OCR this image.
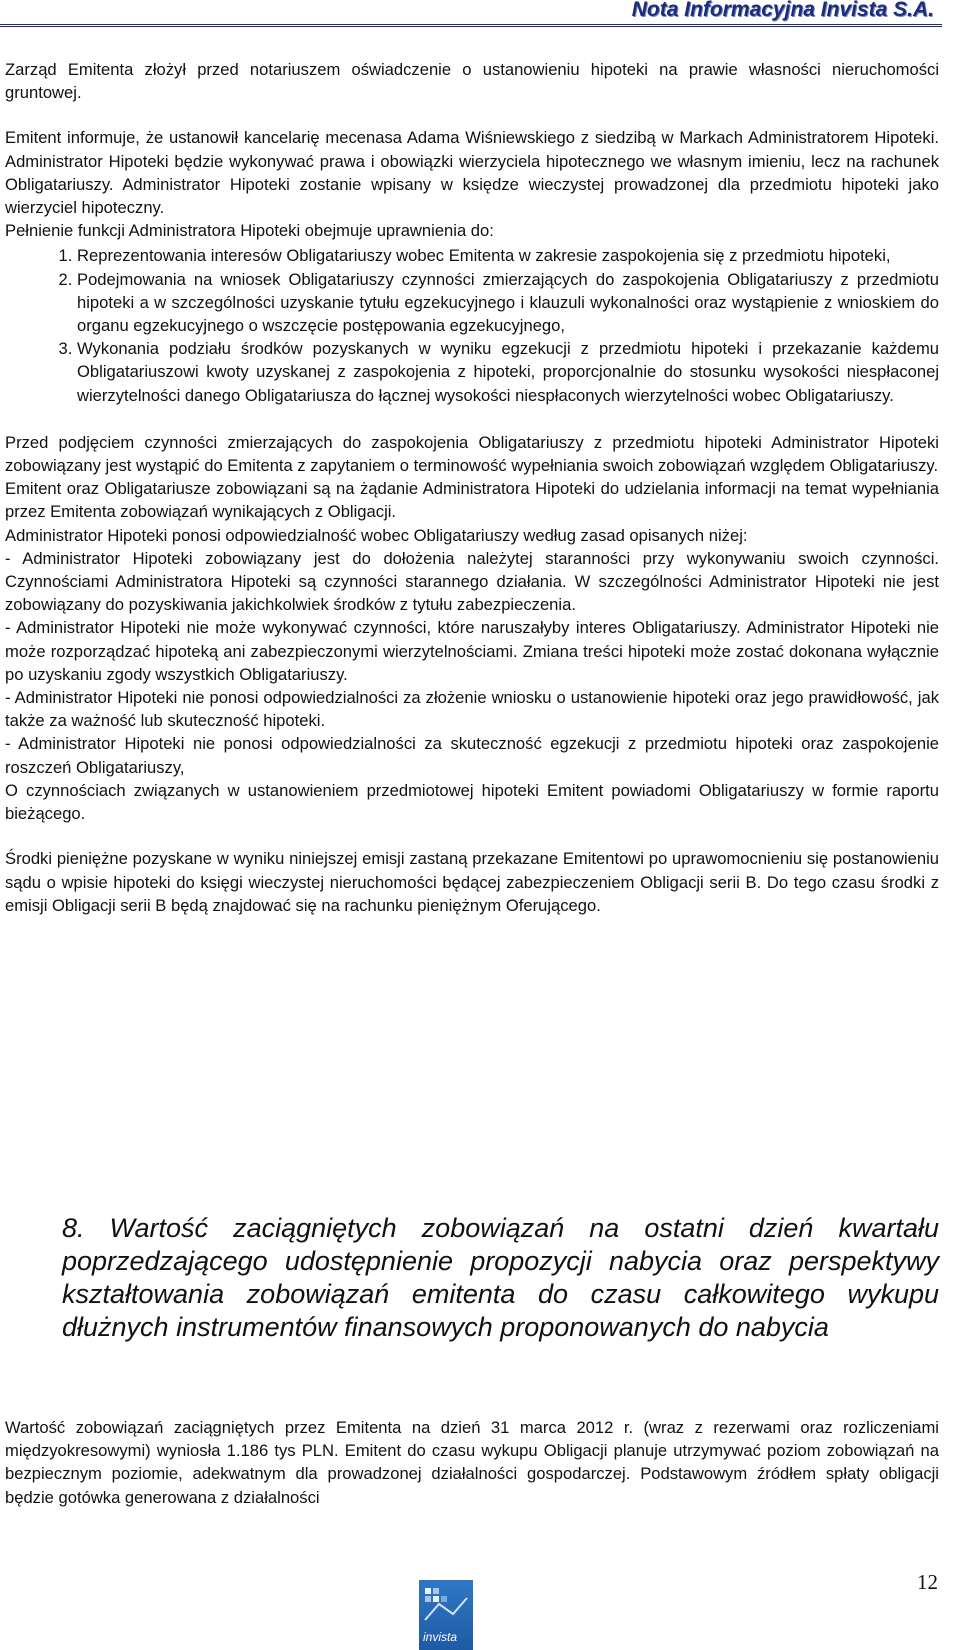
Nota Informacyjna Invista S.A.

Zarząd Emitenta złożył przed notariuszem oświadczenie o ustanowieniu hipoteki na prawie własności nieruchomości gruntowej.

Emitent informuje, że ustanowił kancelarię mecenasa Adama Wiśniewskiego z siedzibą w Markach Administratorem Hipoteki. Administrator Hipoteki będzie wykonywać prawa i obowiązki wierzyciela hipotecznego we własnym imieniu, lecz na rachunek Obligatariuszy. Administrator Hipoteki zostanie wpisany w księdze wieczystej prowadzonej dla przedmiotu hipoteki jako wierzyciel hipoteczny.

Pełnienie funkcji Administratora Hipoteki obejmuje uprawnienia do:

1. Reprezentowania interesów Obligatariuszy wobec Emitenta w zakresie zaspokojenia się z przedmiotu hipoteki,
2. Podejmowania na wniosek Obligatariuszy czynności zmierzających do zaspokojenia Obligatariuszy z przedmiotu hipoteki a w szczególności uzyskanie tytułu egzekucyjnego i klauzuli wykonalności oraz wystąpienie z wnioskiem do organu egzekucyjnego o wszczęcie postępowania egzekucyjnego,
3. Wykonania podziału środków pozyskanych w wyniku egzekucji z przedmiotu hipoteki i przekazanie każdemu Obligatariuszowi kwoty uzyskanej z zaspokojenia z hipoteki, proporcjonalnie do stosunku wysokości niespłaconej wierzytelności danego Obligatariusza do łącznej wysokości niespłaconych wierzytelności wobec Obligatariuszy.

Przed podjęciem czynności zmierzających do zaspokojenia Obligatariuszy z przedmiotu hipoteki Administrator Hipoteki zobowiązany jest wystąpić do Emitenta z zapytaniem o terminowość wypełniania swoich zobowiązań względem Obligatariuszy.

Emitent oraz Obligatariusze zobowiązani są na żądanie Administratora Hipoteki do udzielania informacji na temat wypełniania przez Emitenta zobowiązań wynikających z Obligacji.

Administrator Hipoteki ponosi odpowiedzialność wobec Obligatariuszy według zasad opisanych niżej:

- Administrator Hipoteki zobowiązany jest do dołożenia należytej staranności przy wykonywaniu swoich czynności. Czynnościami Administratora Hipoteki są czynności starannego działania. W szczególności Administrator Hipoteki nie jest zobowiązany do pozyskiwania jakichkolwiek środków z tytułu zabezpieczenia.

- Administrator Hipoteki nie może wykonywać czynności, które naruszałyby interes Obligatariuszy. Administrator Hipoteki nie może rozporządzać hipoteką ani zabezpieczonymi wierzytelnościami. Zmiana treści hipoteki może zostać dokonana wyłącznie po uzyskaniu zgody wszystkich Obligatariuszy.

- Administrator Hipoteki nie ponosi odpowiedzialności za złożenie wniosku o ustanowienie hipoteki oraz jego prawidłowość, jak także za ważność lub skuteczność hipoteki.

- Administrator Hipoteki nie ponosi odpowiedzialności za skuteczność egzekucji z przedmiotu hipoteki oraz zaspokojenie roszczeń Obligatariuszy,

O czynnościach związanych w ustanowieniem przedmiotowej hipoteki Emitent powiadomi Obligatariuszy w formie raportu bieżącego.

Środki pieniężne pozyskane w wyniku niniejszej emisji zastaną przekazane Emitentowi po uprawomocnieniu się postanowieniu sądu o wpisie hipoteki do księgi wieczystej nieruchomości będącej zabezpieczeniem Obligacji serii B. Do tego czasu środki z emisji Obligacji serii B będą znajdować się na rachunku pieniężnym Oferującego.

8. Wartość zaciągniętych zobowiązań na ostatni dzień kwartału poprzedzającego udostępnienie propozycji nabycia oraz perspektywy kształtowania zobowiązań emitenta do czasu całkowitego wykupu dłużnych instrumentów finansowych proponowanych do nabycia

Wartość zobowiązań zaciągniętych przez Emitenta na dzień 31 marca 2012 r. (wraz z rezerwami oraz rozliczeniami międzyokresowymi) wyniosła 1.186 tys PLN. Emitent do czasu wykupu Obligacji planuje utrzymywać poziom zobowiązań na bezpiecznym poziomie, adekwatnym dla prowadzonej działalności gospodarczej. Podstawowym źródłem spłaty obligacji będzie gotówka generowana z działalności

12
invista
